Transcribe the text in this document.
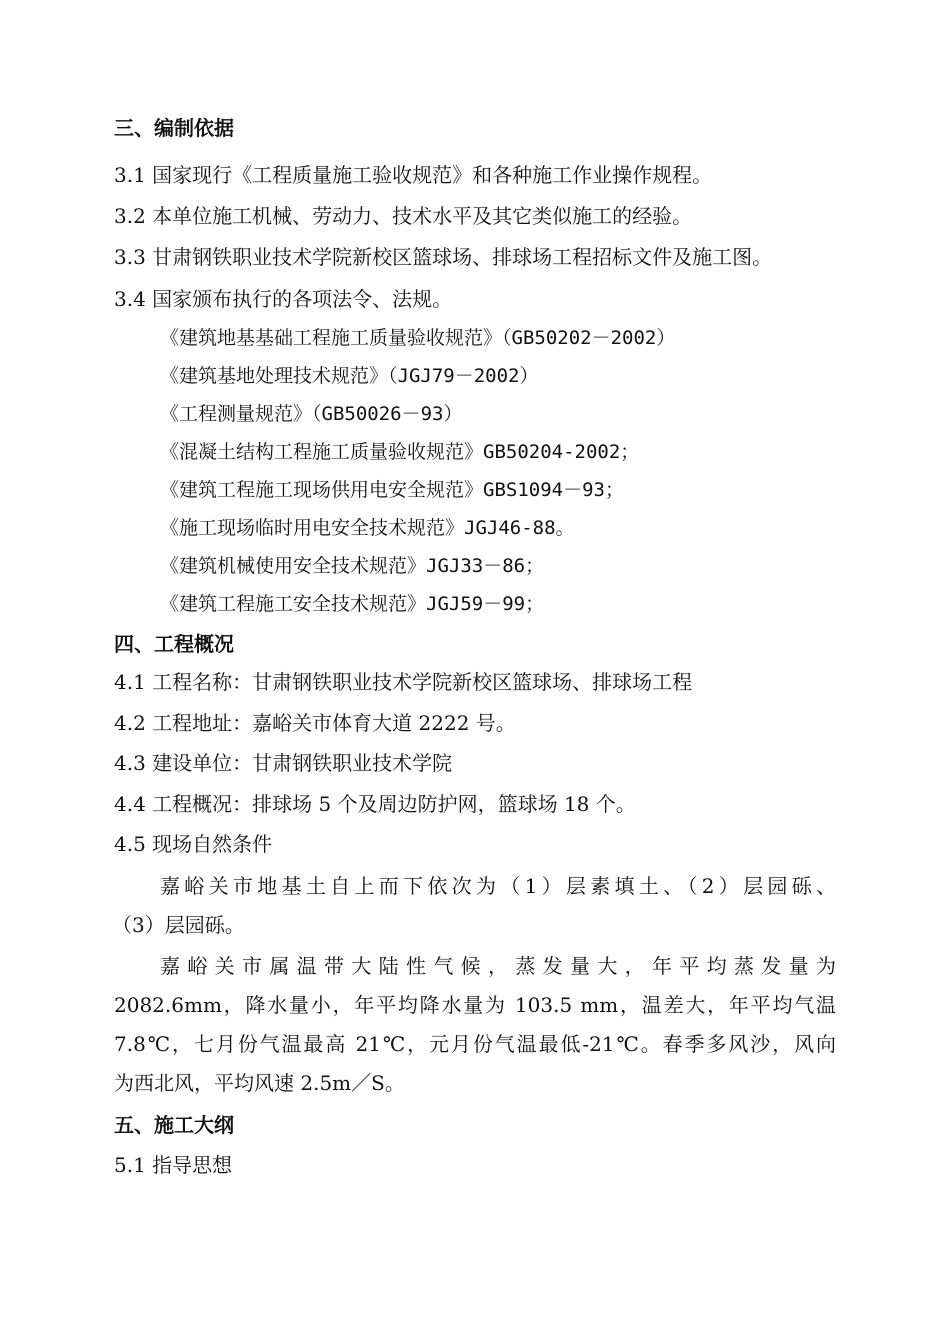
三、编制依据
3.1 国家现行《工程质量施工验收规范》和各种施工作业操作规程。
3.2 本单位施工机械、劳动力、技术水平及其它类似施工的经验。
3.3 甘肃钢铁职业技术学院新校区篮球场、排球场工程招标文件及施工图。
3.4 国家颁布执行的各项法令、法规。
《建筑地基基础工程施工质量验收规范》（GB50202－2002）
《建筑基地处理技术规范》（JGJ79－2002）
《工程测量规范》（GB50026－93）
《混凝土结构工程施工质量验收规范》GB50204-2002；
《建筑工程施工现场供用电安全规范》GBS1094－93；
《施工现场临时用电安全技术规范》JGJ46-88。
《建筑机械使用安全技术规范》JGJ33－86；
《建筑工程施工安全技术规范》JGJ59－99；
四、工程概况
4.1 工程名称：甘肃钢铁职业技术学院新校区篮球场、排球场工程
4.2 工程地址：嘉峪关市体育大道 2222 号。
4.3 建设单位：甘肃钢铁职业技术学院
4.4 工程概况：排球场 5 个及周边防护网，篮球场 18 个。
4.5 现场自然条件
嘉峪关市地基土自上而下依次为（1）层素填土、（2）层园砾、
（3）层园砾。
嘉峪关市属温带大陆性气候，蒸发量大，年平均蒸发量为
2082.6mm，降水量小，年平均降水量为 103.5 mm，温差大，年平均气温
7.8℃，七月份气温最高 21℃，元月份气温最低-21℃。春季多风沙，风向
为西北风，平均风速 2.5m／S。
五、施工大纲
5.1 指导思想
